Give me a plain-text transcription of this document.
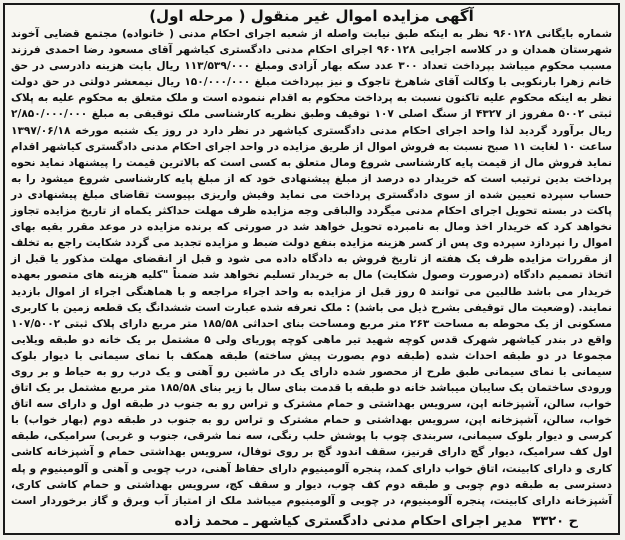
آگهی مزایده اموال غیر منقول ( مرحله اول)
شماره بایگانی ۹۶۰۱۲۸ نظر به اینکه طبق نیابت واصله از شعبه اجرای احکام مدنی ( خانواده) مجتمع قضایی آخوند شهرستان همدان و در کلاسه اجرایی ۹۶۰۱۲۸ اجرای احکام مدنی دادگستری کیاشهر آقای مسعود رضا احمدی فرزند مسبب محکوم میباشد بپرداخت تعداد ۳۰۰ عدد سکه بهار آزادی ومبلغ ۱۱۳/۵۳۹/۰۰۰ ریال بابت هزینه دادرسی در حق خانم زهرا بارنکوبی با وکالت آقای شاهرخ تاجوک و نیز بپرداخت مبلغ ۱۵۰/۰۰۰/۰۰۰ ریال نیمعشر دولتی در حق دولت نظر به اینکه محکوم علیه تاکنون نسبت به پرداخت محکوم به اقدام ننموده است و ملک متعلق به محکوم علیه به پلاک ثبتی ۵۰۰۲ مفروز از ۴۳۲۷ از سنگ اصلی ۱۰۷ توقیف وطبق نظریه کارشناسی ملک توقیفی به مبلغ ۲/۸۵۰/۰۰۰/۰۰۰ ریال برآورد گردید لذا واحد اجرای احکام مدنی دادگستری کیاشهر در نظر دارد در روز یک شنبه مورخه ۱۳۹۷/۰۶/۱۸ ساعت ۱۰ لغایت ۱۱ صبح نسبت به فروش اموال از طریق مزایده در واحد اجرای احکام مدنی دادگستری کیاشهر اقدام نماید فروش مال از قیمت پایه کارشناسی شروع ومال متعلق به کسی است که بالاترین قیمت را پیشنهاد نماید نحوه پرداخت بدین ترتیب است که خریدار ده درصد از مبلغ پیشنهادی خود که از مبلغ پایه کارشناسی شروع میشود را به حساب سپرده تعیین شده از سوی دادگستری پرداخت می نماید وفیش واریزی بپیوست تقاضای مبلغ پیشنهادی در پاکت در بسته تحویل اجرای احکام مدنی میگردد والباقی وجه مزایده ظرف مهلت حداکثر یکماه از تاریخ مزایده تجاوز نخواهد کرد که خریدار اخذ ومال به نامبرده تحویل خواهد شد در صورتی که برنده مزایده در موعد مقرر بقیه بهای اموال را نپردازد سپرده وی پس از کسر هزینه مزایده بنفع دولت ضبط و مزایده تجدید می گردد شکایت راجع به تخلف از مقررات مزایده ظرف یک هفته از تاریخ فروش به دادگاه داده می شود و قبل از انقضای مهلت مذکور یا قبل از اتخاذ تصمیم دادگاه (درصورت وصول شکایت) مال به خریدار تسلیم نخواهد شد ضمناً "کلیه هزینه های متصور بعهده خریدار می باشد طالبین می توانند ۵ روز قبل از مزایده به واحد اجراء مراجعه و با هماهنگی اجراء از اموال بازدید نمایند. (وضعیت مال توقیفی بشرح ذیل می باشد) : ملک تعرفه شده عبارت است ششدانگ یک قطعه زمین با کاربری مسکونی از یک محوطه به مساحت ۲۶۳ متر مربع ومساحت بنای احداثی ۱۸۵/۵۸ متر مربع دارای پلاک ثبتی ۱۰۷/۵۰۰۲ واقع در بندر کیاشهر شهرک قدس کوچه شهید تیر ماهی کوچه پوریای ولی ۵ مشتمل بر یک خانه دو طبقه ویلایی مجموعا در دو طبقه احداث شده (طبقه دوم بصورت پیش ساخته) طبقه همکف با نمای سیمانی با دیوار بلوک سیمانی با نمای سیمانی طبق طرح از محصور شده دارای یک در ماشین رو آهنی و یک درب رو به حیاط و بر روی ورودی ساختمان یک سایبان میباشد خانه دو طبقه با قدمت بنای سال با زیر بنای ۱۸۵/۵۸ متر مربع مشتمل بر یک اتاق خواب، سالن، آشپزخانه اپن، سرویس بهداشتی و حمام مشترک و تراس رو به جنوب در طبقه اول و دارای سه اتاق خواب، سالن، آشپزخانه اپن، سرویس بهداشتی و حمام مشترک و تراس رو به جنوب در طبقه دوم (بهار خواب) با کرسی و دیوار بلوک سیمانی، سربندی چوب با پوشش حلب رنگی، سه نما شرقی، جنوب و غربی) سرامیکی، طبقه اول کف سرامیک، دیوار گچ دارای قرنیز، سقف اندود گچ بر روی توفال، سرویس بهداشتی حمام و آشپزخانه کاشی کاری و دارای کابینت، اتاق خواب دارای کمد، پنجره آلومینیوم دارای حفاظ آهنی، درب چوبی و آهنی و آلومینیوم و پله دسترسی به طبقه دوم چوبی و طبقه دوم کف چوب، دیوار و سقف کچ، سرویس بهداشتی و حمام کاشی کاری، آشپزخانه دارای کابینت، پنجره آلومینیوم، در چوبی و آلومینیوم میباشد ملک از امتیاز آب وبرق و گاز برخوردار است
ح ۳۳۲۰
مدیر اجرای احکام مدنی دادگستری کیاشهر ـ محمد زاده
